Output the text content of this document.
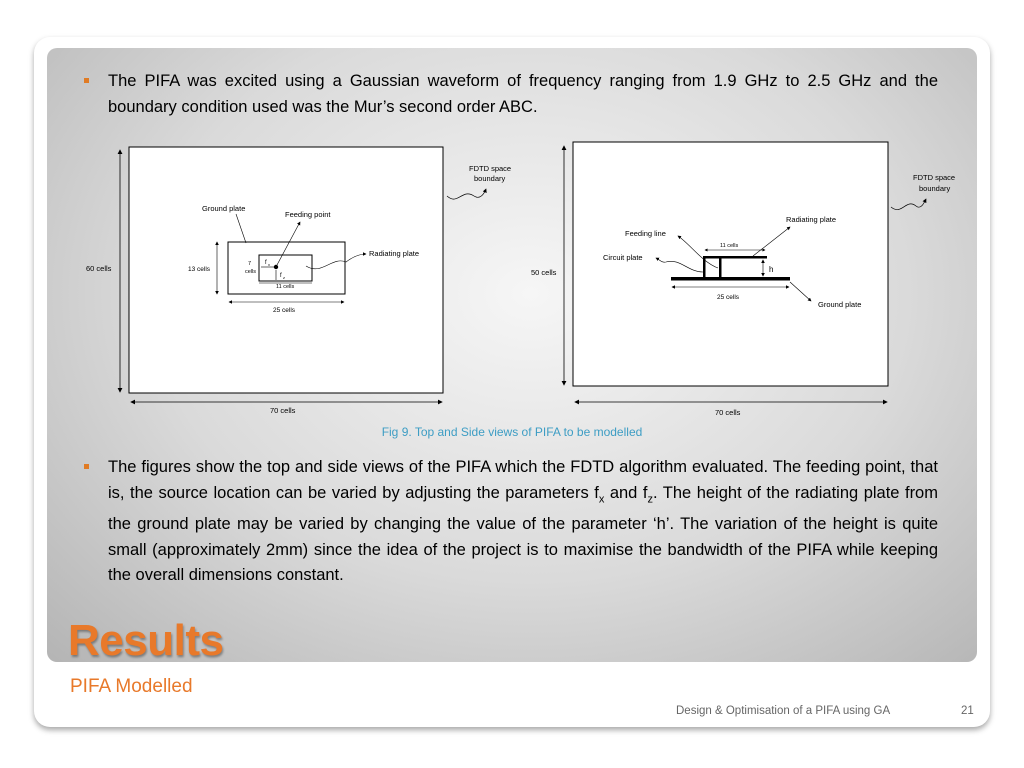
The PIFA was excited using a Gaussian waveform of frequency ranging from 1.9 GHz to 2.5 GHz and the boundary condition used was the Mur’s second order ABC.
60 cells
70 cells
FDTD space
boundary
Ground plate
Feeding point
Radiating plate
13 cells
7
cells
f x
f z
11 cells
25 cells
50 cells
70 cells
FDTD space
boundary
h
11 cells
25 cells
Radiating plate
Feeding line
Circuit plate
Ground plate
Fig 9. Top and Side views of PIFA to be modelled
The figures show the top and side views of the PIFA which the FDTD algorithm evaluated. The feeding point, that is, the source location can be varied by adjusting the parameters $f_x$ and $f_z$. The height of the radiating plate from the ground plate may be varied by changing the value of the parameter ‘h’. The variation of the height is quite small (approximately 2mm) since the idea of the project is to maximise the bandwidth of the PIFA while keeping the overall dimensions constant.
Results
PIFA Modelled
Design & Optimisation of a PIFA using GA	21
